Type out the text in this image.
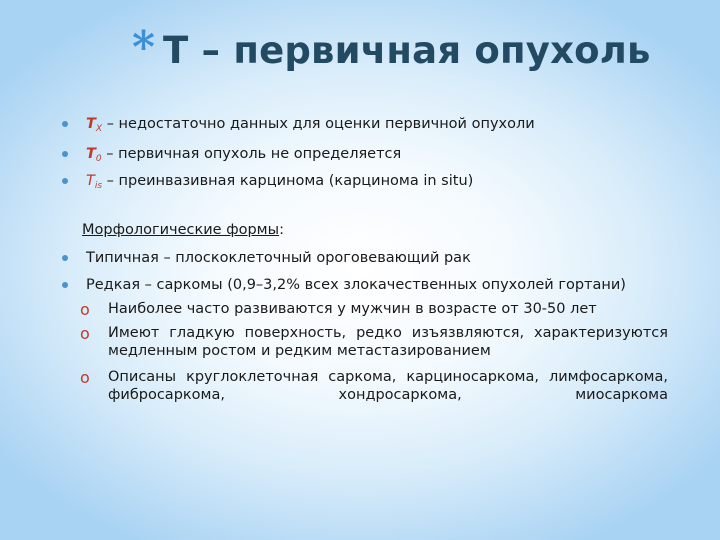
* Т – первичная опухоль
$T_X$ – недостаточно данных для оценки первичной опухоли
$T_0$ – первичная опухоль не определяется
$T_{is}$ – преинвазивная карцинома (карцинома in situ)
Морфологические формы:
Типичная – плоскоклеточный ороговевающий рак
Редкая – саркомы (0,9–3,2% всех злокачественных опухолей гортани)
o Наиболее часто развиваются у мужчин в возрасте от 30-50 лет
o Имеют гладкую поверхность, редко изъязвляются, характеризуются медленным ростом и редким метастазированием
o Описаны круглоклеточная саркома, карциносаркома, лимфосаркома, фибросаркома, хондросаркома, миосаркома
